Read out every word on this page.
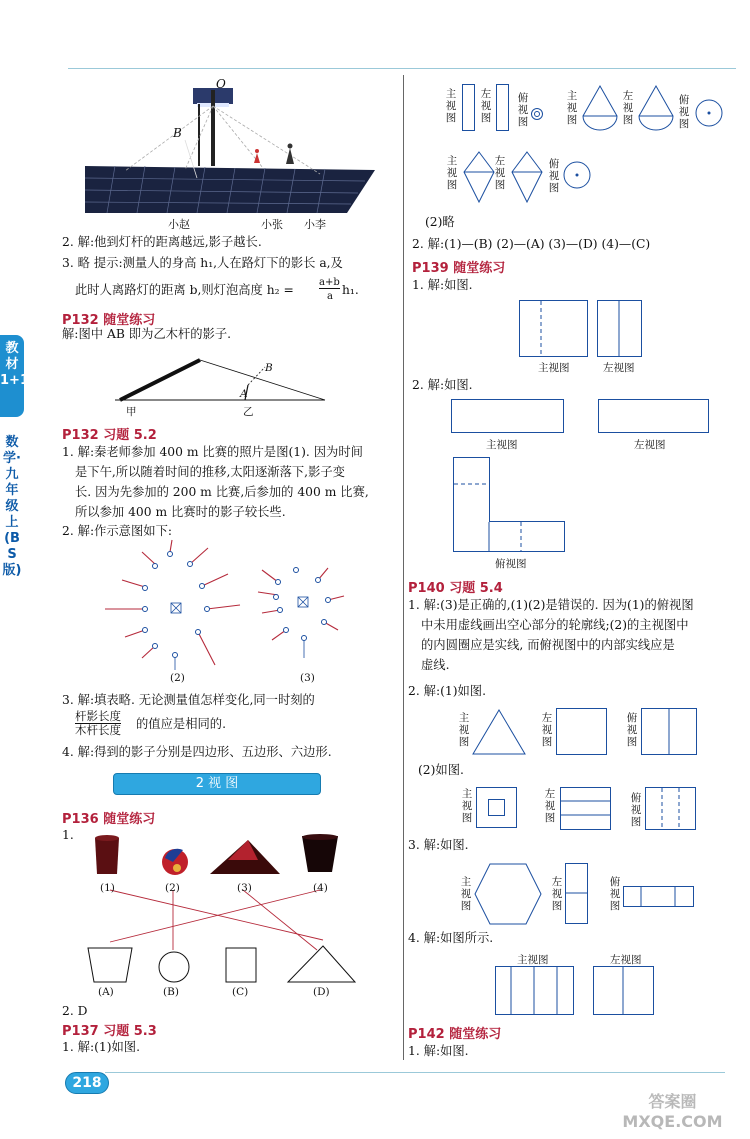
教材1+1
数学·九年级上(BS版)
O
B
小赵	小张 小李
2. 解:他到灯杆的距离越远,影子越长.
3. 略 提示:测量人的身高 h₁,人在路灯下的影长 a,及
此时人离路灯的距离 b,则灯泡高度 h₂ =
a+b
a h₁.
P132 随堂练习
解:图中 AB 即为乙木杆的影子.
B
A
甲	乙
P132 习题 5.2
1. 解:秦老师参加 400 m 比赛的照片是图(1). 因为时间
是下午,所以随着时间的推移,太阳逐渐落下,影子变
长. 因为先参加的 200 m 比赛,后参加的 400 m 比赛,
所以参加 400 m 比赛时的影子较长些.
2. 解:作示意图如下:
(2)	(3)
3. 解:填表略. 无论测量值怎样变化,同一时刻的
杆影长度
木杆长度 的值应是相同的.
4. 解:得到的影子分别是四边形、五边形、六边形.
2 视 图
P136 随堂练习
1.
(1)	(2)	(3)	(4)
(A)	(B)	(C)	(D)
2. D
P137 习题 5.3
1. 解:(1)如图.
主视图
左视图
俯视图
主视图
左视图
俯视图
主视图
左视图
俯视图
(2)略
2. 解:(1)—(B) (2)—(A) (3)—(D) (4)—(C)
P139 随堂练习
1. 解:如图.
主视图	左视图
2. 解:如图.
主视图	左视图
俯视图
P140 习题 5.4
1. 解:(3)是正确的,(1)(2)是错误的. 因为(1)的俯视图
中未用虚线画出空心部分的轮廓线;(2)的主视图中
的内圆圈应是实线, 而俯视图中的内部实线应是
虚线.
2. 解:(1)如图.
主视图
左视图
俯视图
(2)如图.
主视图
左视图
俯视图
3. 解:如图.
主视图
左视图
俯视图
4. 解:如图所示.
主视图	左视图
P142 随堂练习
1. 解:如图.
218
答案圈 MXQE.COM
